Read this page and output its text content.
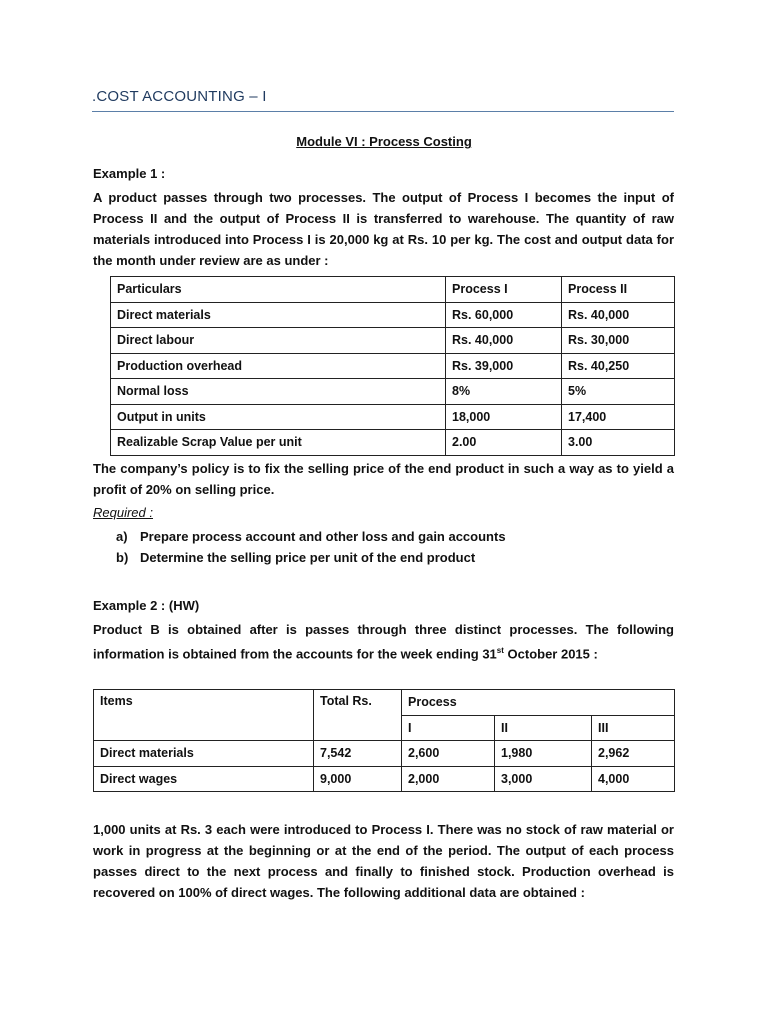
.COST ACCOUNTING – I
Module VI : Process Costing
Example 1 :
A product passes through two processes. The output of Process I becomes the input of Process II and the output of Process II is transferred to warehouse. The quantity of raw materials introduced into Process I is 20,000 kg at Rs. 10 per kg. The cost and output data for the month under review are as under :
Particulars	Process I	Process II
Direct materials	Rs. 60,000	Rs. 40,000
Direct labour	Rs. 40,000	Rs. 30,000
Production overhead	Rs. 39,000	Rs. 40,250
Normal loss	8%	5%
Output in units	18,000	17,400
Realizable Scrap Value per unit	2.00	3.00
The company’s policy is to fix the selling price of the end product in such a way as to yield a profit of 20% on selling price.
Required :
a) Prepare process account and other loss and gain accounts
b) Determine the selling price per unit of the end product
Example 2 : (HW)
Product B is obtained after is passes through three distinct processes. The following information is obtained from the accounts for the week ending 31st October 2015 :
Items	Total Rs.	Process		
		I	II	III
Direct materials	7,542	2,600	1,980	2,962
Direct wages	9,000	2,000	3,000	4,000
1,000 units at Rs. 3 each were introduced to Process I. There was no stock of raw material or work in progress at the beginning or at the end of the period. The output of each process passes direct to the next process and finally to finished stock. Production overhead is recovered on 100% of direct wages. The following additional data are obtained :
